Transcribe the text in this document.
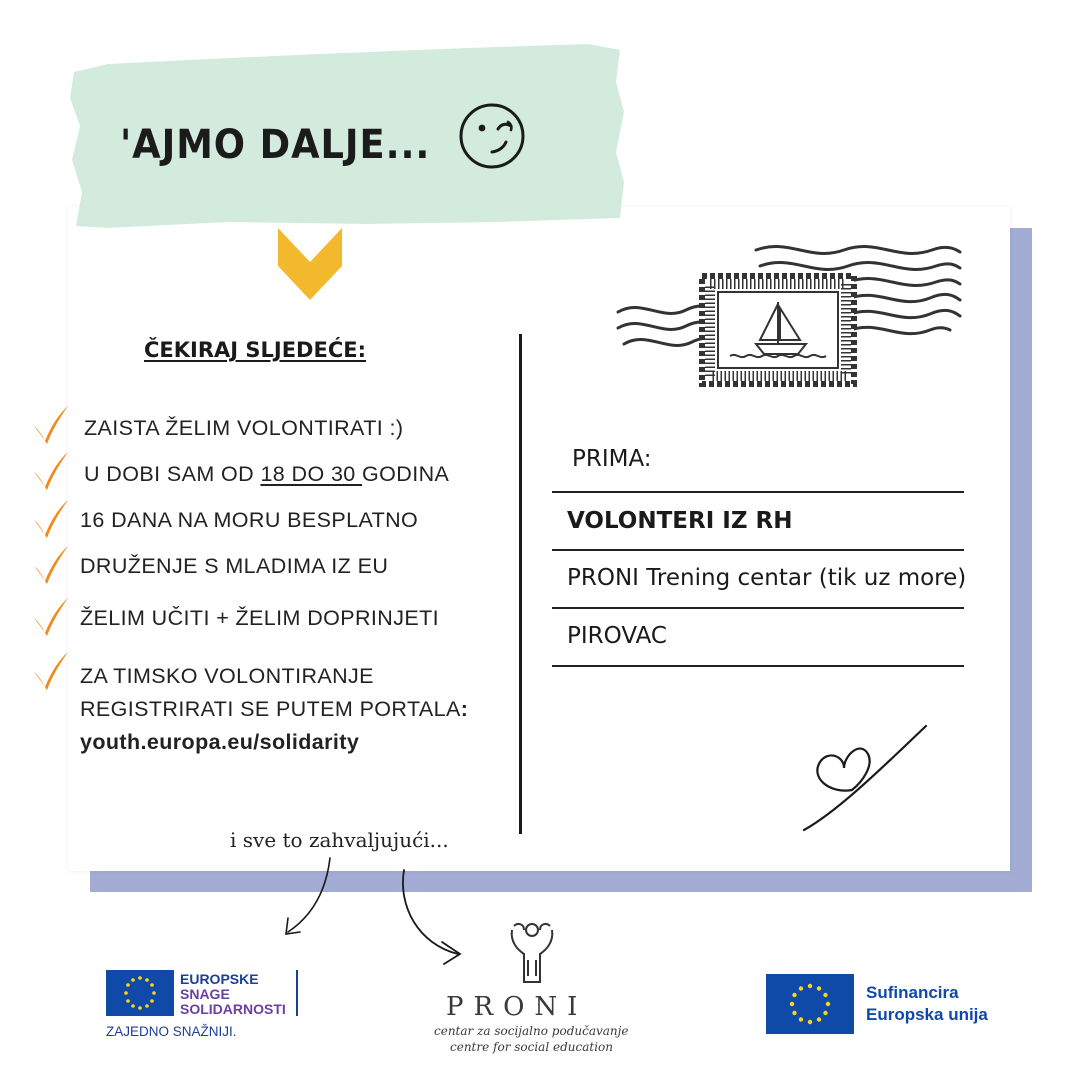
'AJMO DALJE...
ČEKIRAJ SLJEDEĆE:
ZAISTA ŽELIM VOLONTIRATI :)
U DOBI SAM OD 18 DO 30 GODINA
16 DANA NA MORU BESPLATNO
DRUŽENJE S MLADIMA IZ EU
ŽELIM UČITI + ŽELIM DOPRINJETI
ZA TIMSKO VOLONTIRANJE
REGISTRIRATI SE PUTEM PORTALA:
youth.europa.eu/solidarity
PRIMA:
VOLONTERI IZ RH
PRONI Trening centar (tik uz more)
PIROVAC
i sve to zahvaljujući...
EUROPSKE
SNAGE
SOLIDARNOSTI
ZAJEDNO SNAŽNIJI.
PRONI
centar za socijalno podučavanje
centre for social education
Sufinancira
Europska unija
